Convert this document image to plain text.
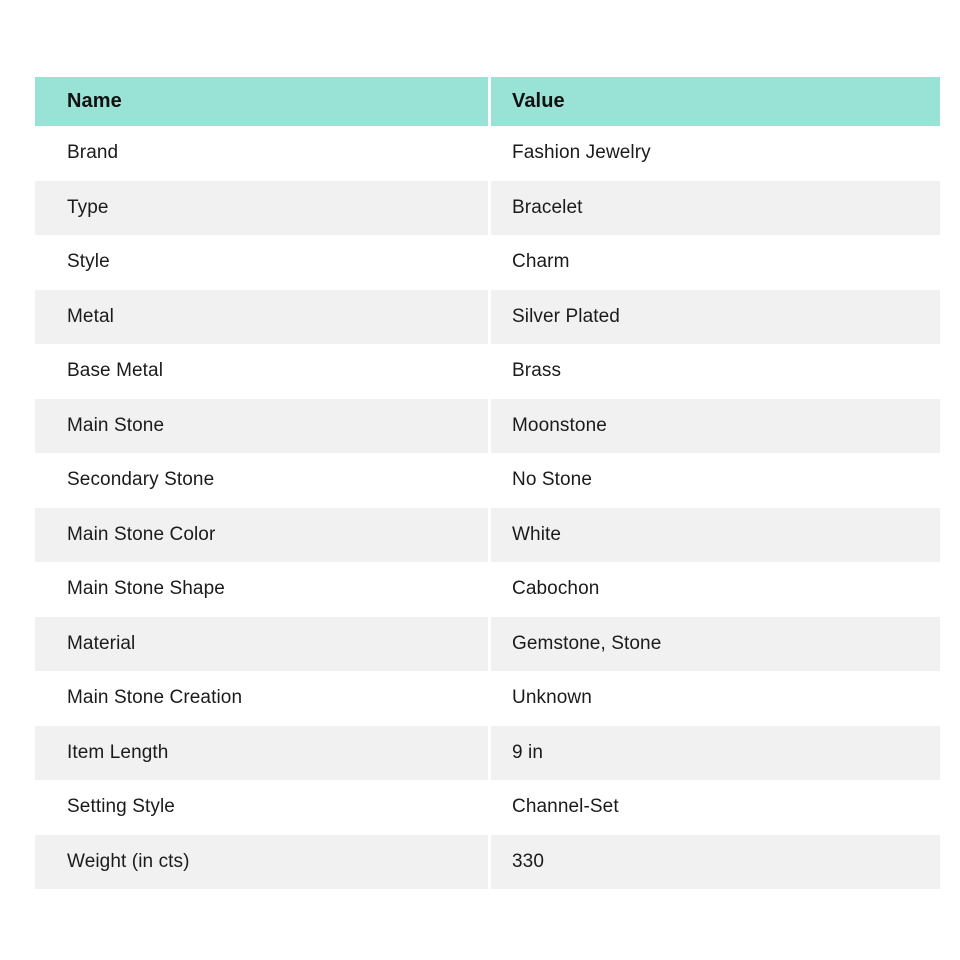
Name	Value
Brand	Fashion Jewelry
Type	Bracelet
Style	Charm
Metal	Silver Plated
Base Metal	Brass
Main Stone	Moonstone
Secondary Stone	No Stone
Main Stone Color	White
Main Stone Shape	Cabochon
Material	Gemstone, Stone
Main Stone Creation	Unknown
Item Length	9 in
Setting Style	Channel-Set
Weight (in cts)	330
